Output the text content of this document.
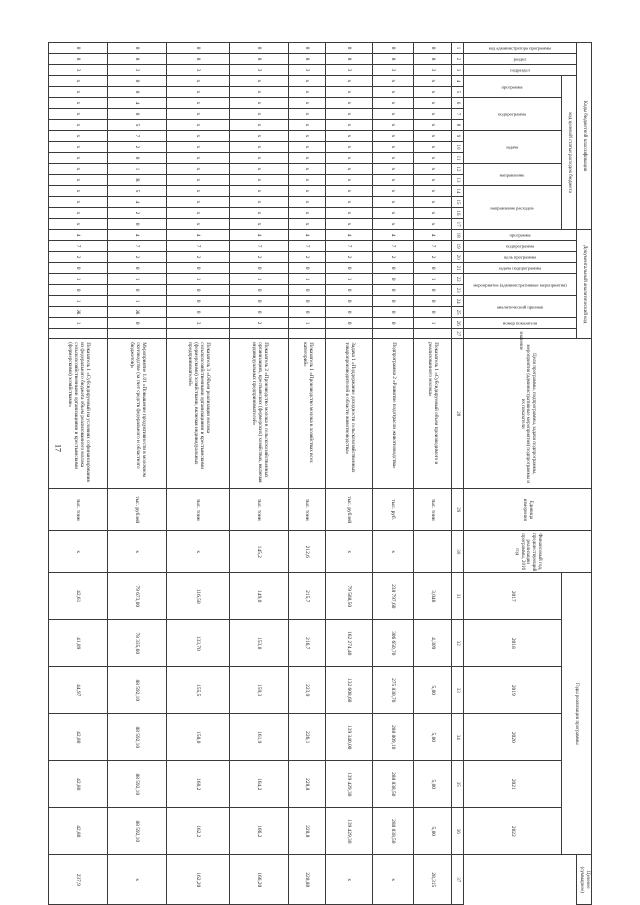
17
Коды бюджетной классификации																	Документальный аналитический код										Цели программы, подпрограммы, задачи подпрограммы, мероприятия (административные мероприятия) подпрограммы и их показатели	Единица измерения	Финансовый год, предшествующий реализации программы, 2016 год	Годы реализации программы						Целевое (суммарное)

код администратора программы	раздел	подраздел	код целевой статьи расходов бюджета														программа	подпрограмма	цель программы	задача подпрограммы	мероприятие (административные мероприятия)		аналитический признак		номер показателя	значение										

			программа		подпрограмма			задача			направление		направление расходов																	2017	2018	2019	2020	2021	2022	
1	2	3	4	5	6	7	8	9	10	11	12	13	14	15	16	17	18	19	20	21	22	23	24	25	26	27	28	29	30	31	32	33	34	35	36	37
0	8	3	х	х	х	х	х	х	х	х	х	х	х	х	х	х	4	7	2	0	1	0	0	0	1		Показатель 1 «Субсидируемый объем производимого и реализованного молока»	тыс. тонн		3,046	4,309	5,00	5,00	5,00	5,00	28,315
0	8	3	х	х	х	х	х	х	х	х	х	х	х	х	х	х	4	7	2	0	0	0	0	0	0		Подпрограмма 2 «Развитие подотрасли животноводства»	тыс. руб.	х	238 797,60	306 650,70	275 830,70	288 809,10	288 838,50	288 838,50	х
0	8	3	х	х	х	х	х	х	х	х	х	х	х	х	х	х	4	7	2	0	1	0	0	0	0		Задача 1 «Поддержание доходности сельскохозяйственных товаропроизводителей в области животноводства»	тыс. рублей	х	79 588,50	162 274,40	132 608,60	139 340,00	139 429,30	139 429,30	х
0	8	3	х	х	х	х	х	х	х	х	х	х	х	х	х	х	4	7	2	0	1	0	0	0	1		Показатель 1 «Производство молока в хозяйствах всех категорий»	тыс. тонн	212,6	215,7	216,7	223,9	226,1	228,8	228,8	228,80
0	8	3	х	х	х	х	х	х	х	х	х	х	х	х	х	х	4	7	2	0	1	0	0	0	2		Показатель 2 «Производство молока в сельскохозяйственных организациях, крестьянских (фермерских) хозяйствах, включая индивидуальных предпринимателей»	тыс. тонн	145,2	149,0	153,0	159,3	161,9	164,2	166,2	166,20
0	8	3	х	х	х	х	х	х	х	х	х	х	х	х	х	х	4	7	2	0	1	0	0	0	3		Показатель 3 «Объем реализации молока сельскохозяйственными организациями и крестьянскими (фермерскими) хозяйствами, включая индивидуальных предпринимателей»	тыс. тонн	х	116,50	133,70	155,5	158,0	160,2	162,2	162,20
0	8	3	0	0	4	0	5	7	2	0	1	R	5	4	2	0	4	7	2	0	1	0	1	Ж	0		Мероприятие 1.01 «Повышение продуктивности в молочном скотоводстве (за счет средств федерального и областного бюджетов)»	тыс. рублей	х	79 673,00	78 335,60	88 592,10	88 592,10	88 592,10	88 592,10	х
0	8	3	х	х	х	х	х	х	х	х	х	х	х	х	х	х	4	7	2	0	1	0	1	Ж	1		Показатель 1 «Субсидируемый на условиях софинансирования из федерального бюджета объем реализованного молока сельскохозяйственными организациями и крестьянскими (фермерскими) хозяйствами»	тыс. тонн	х	42,61	41,89	44,97	42,80	42,80	42,80	237,9
